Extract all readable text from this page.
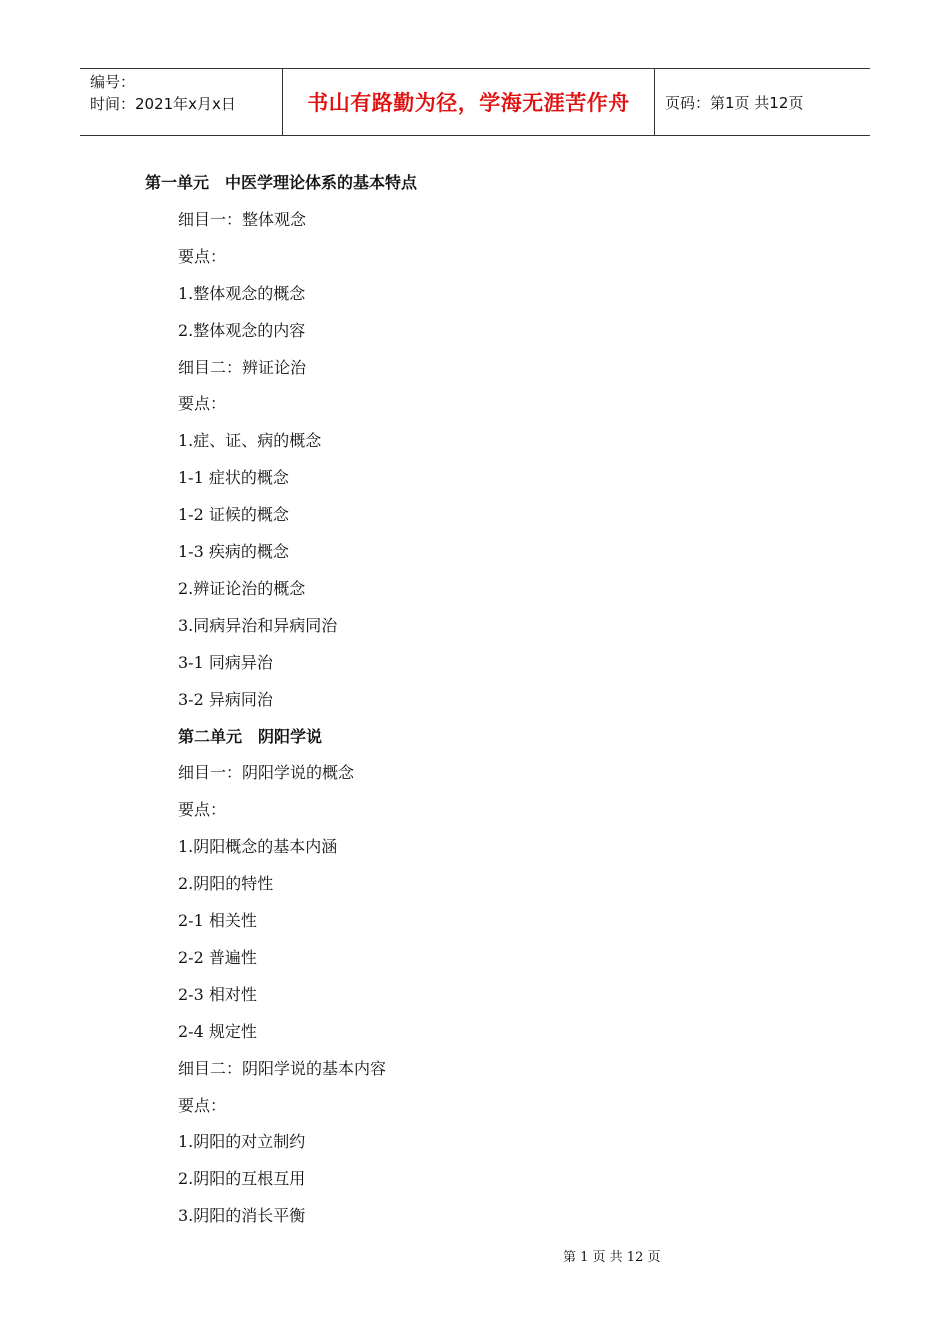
编号：
时间：2021年x月x日	书山有路勤为径，学海无涯苦作舟	页码：第1页 共12页
第一单元　中医学理论体系的基本特点
细目一：整体观念
要点：
1.整体观念的概念
2.整体观念的内容
细目二：辨证论治
要点：
1.症、证、病的概念
1-1 症状的概念
1-2 证候的概念
1-3 疾病的概念
2.辨证论治的概念
3.同病异治和异病同治
3-1 同病异治
3-2 异病同治
第二单元　阴阳学说
细目一：阴阳学说的概念
要点：
1.阴阳概念的基本内涵
2.阴阳的特性
2-1 相关性
2-2 普遍性
2-3 相对性
2-4 规定性
细目二：阴阳学说的基本内容
要点：
1.阴阳的对立制约
2.阴阳的互根互用
3.阴阳的消长平衡
第 1 页 共 12 页
